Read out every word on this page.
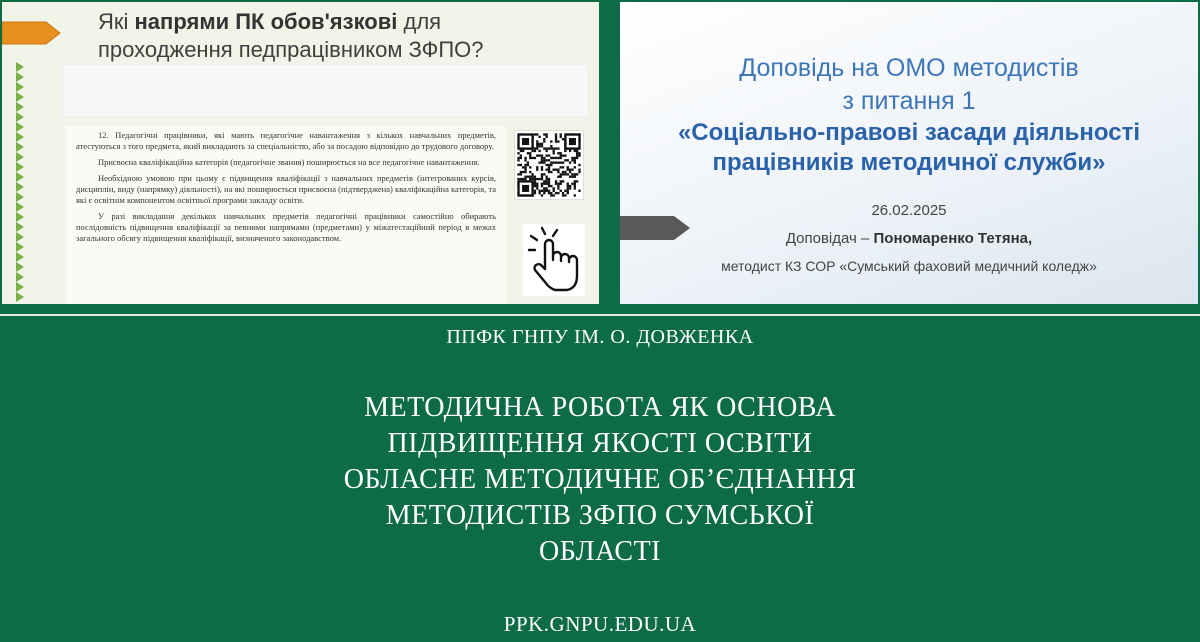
Які напрями ПК обов'язкові для проходження педпрацівником ЗФПО?

12. Педагогічні працівники, які мають педагогічне навантаження з кількох навчальних предметів, атестуються з того предмета, який викладають за спеціальністю, або за посадою відповідно до трудового договору.

Присвоєна кваліфікаційна категорія (педагогічне звання) поширюється на все педагогічне навантаження.

Необхідною умовою при цьому є підвищення кваліфікації з навчальних предметів (інтегрованих курсів, дисциплін, виду (напрямку) діяльності), на які поширюється присвоєна (підтверджена) кваліфікаційна категорія, та які є освітнім компонентом освітньої програми закладу освіти.

У разі викладання декількох навчальних предметів педагогічні працівники самостійно обирають послідовність підвищення кваліфікації за певними напрямами (предметами) у міжатестаційний період в межах загального обсягу підвищення кваліфікації, визначеного законодавством.

Доповідь на ОМО методистів
з питання 1
«Соціально-правові засади діяльності
працівників методичної служби»
26.02.2025
Доповідач – Пономаренко Тетяна,
методист КЗ СОР «Сумський фаховий медичний коледж»
ППФК ГНПУ ІМ. О. ДОВЖЕНКА
МЕТОДИЧНА РОБОТА ЯК ОСНОВА
ПІДВИЩЕННЯ ЯКОСТІ ОСВІТИ
ОБЛАСНЕ МЕТОДИЧНЕ ОБ’ЄДНАННЯ
МЕТОДИСТІВ ЗФПО СУМСЬКОЇ
ОБЛАСТІ
PPK.GNPU.EDU.UA
